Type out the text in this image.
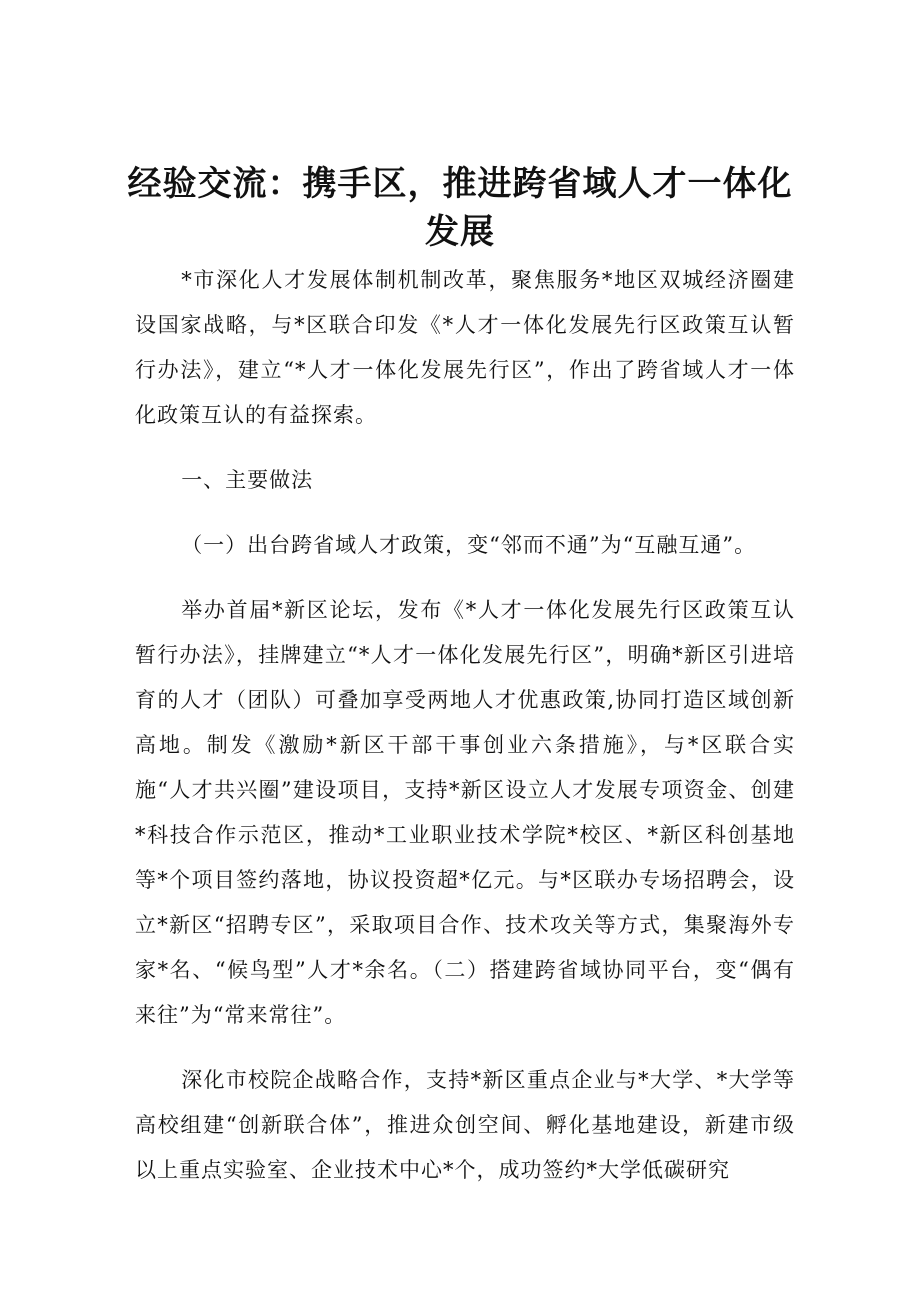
经验交流：携手区，推进跨省域人才一体化发展

*市深化人才发展体制机制改革，聚焦服务*地区双城经济圈建设国家战略，与*区联合印发《*人才一体化发展先行区政策互认暂行办法》，建立“*人才一体化发展先行区”，作出了跨省域人才一体化政策互认的有益探索。

一、主要做法

（一）出台跨省域人才政策，变“邻而不通”为“互融互通”。

举办首届*新区论坛，发布《*人才一体化发展先行区政策互认暂行办法》，挂牌建立“*人才一体化发展先行区”，明确*新区引进培育的人才（团队）可叠加享受两地人才优惠政策,协同打造区域创新高地。制发《激励*新区干部干事创业六条措施》，与*区联合实施“人才共兴圈”建设项目，支持*新区设立人才发展专项资金、创建*科技合作示范区，推动*工业职业技术学院*校区、*新区科创基地等*个项目签约落地，协议投资超*亿元。与*区联办专场招聘会，设立*新区“招聘专区”，采取项目合作、技术攻关等方式，集聚海外专家*名、“候鸟型”人才*余名。（二）搭建跨省域协同平台，变“偶有来往”为“常来常往”。

深化市校院企战略合作，支持*新区重点企业与*大学、*大学等高校组建“创新联合体”，推进众创空间、孵化基地建设，新建市级以上重点实验室、企业技术中心*个，成功签约*大学低碳研究
